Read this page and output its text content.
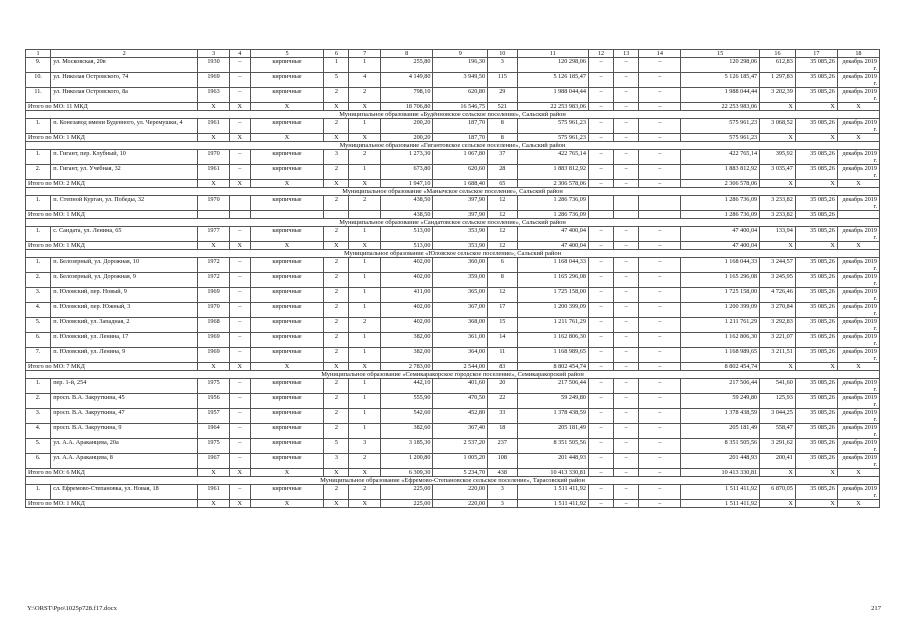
1	2	3	4	5	6	7	8	9	10	11	12	13	14	15	16	17	18
9.	ул. Московская, 20в	1930	–	кирпичные	1	1	255,80	196,30	3	120 298,06	–	–	–	120 298,06	612,83	35 085,26	декабрь 2019 г.
10.	ул. Николая Островского, 74	1969	–	кирпичные	5	4	4 149,80	3 949,50	115	5 126 185,47	–	–	–	5 126 185,47	1 297,83	35 085,26	декабрь 2019 г.
11.	ул. Николая Островского, 8а	1963	–	кирпичные	2	2	798,10	620,80	29	1 988 044,44	–	–	–	1 988 044,44	3 202,39	35 085,26	декабрь 2019 г.
Итого по МО: 11 МКД		X	X	X	X	X	18 706,80	16 546,75	521	22 253 983,06	–	–	–	22 253 983,06	X	X	X
Муниципальное образование «Будённовское сельское поселение», Сальский район																	
1.	п. Конезавод имени Буденного, ул. Черемушки, 4	1961	–	кирпичные	2	1	200,20	187,70	8	575 961,23	–	–	–	575 961,23	3 068,52	35 085,26	декабрь 2019 г.
Итого по МО: 1 МКД		X	X	X	X	X	200,20	187,70	8	575 961,23	–	–	–	575 961,23	X	X	X
Муниципальное образование «Гигантовское сельское поселение», Сальский район																	
1.	п. Гигант, пер. Клубный, 10	1970	–	кирпичные	3	2	1 273,30	1 067,80	37	422 765,14	–	–	–	422 765,14	395,92	35 085,26	декабрь 2019 г.
2.	п. Гигант, ул. Учебная, 32	1961	–	кирпичные	2	1	673,80	620,60	28	1 883 812,92	–	–	–	1 883 812,92	3 035,47	35 085,26	декабрь 2019 г.
Итого по МО: 2 МКД		X	X	X	X	X	1 947,10	1 688,40	65	2 306 578,06	–	–	–	2 306 578,06	X	X	X
Муниципальное образование «Манычское сельское поселение», Сальский район																	
1.	п. Степной Курган, ул. Победы, 32	1970		кирпичные	2	2	438,50	397,90	12	1 286 736,09				1 286 736,09	3 233,82	35 085,26	декабрь 2019 г.
Итого по МО: 1 МКД							438,50	397,90	12	1 286 736,09				1 286 736,09	3 233,82	35 085,26	
Муниципальное образование «Сандатовское сельское поселение», Сальский район																	
1.	с. Сандата, ул. Ленина, 65	1977	–	кирпичные	2	1	513,00	353,90	12	47 400,04	–	–	–	47 400,04	133,94	35 085,26	декабрь 2019 г.
Итого по МО: 1 МКД		X	X	X	X	X	513,00	353,90	12	47 400,04	–	–	–	47 400,04	X	X	X
Муниципальное образование «Юловское сельское поселение», Сальский район																	
1.	п. Белозерный, ул. Дорожная, 10	1972	–	кирпичные	2	1	402,00	360,00	6	1 168 044,33	–	–	–	1 168 044,33	3 244,57	35 085,26	декабрь 2019 г.
2.	п. Белозерный, ул. Дорожная, 9	1972	–	кирпичные	2	1	402,00	359,00	8	1 165 296,08	–	–	–	1 165 296,08	3 245,95	35 085,26	декабрь 2019 г.
3.	п. Юловский, пер. Новый, 9	1969	–	кирпичные	2	1	411,00	365,00	12	1 725 158,00	–	–	–	1 725 158,00	4 726,46	35 085,26	декабрь 2019 г.
4.	п. Юловский, пер. Южный, 3	1970	–	кирпичные	2	1	402,00	367,00	17	1 200 399,09	–	–	–	1 200 399,09	3 270,84	35 085,26	декабрь 2019 г.
5.	п. Юловский, ул. Западная, 2	1968	–	кирпичные	2	2	402,00	368,00	15	1 211 761,29	–	–	–	1 211 761,29	3 292,83	35 085,26	декабрь 2019 г.
6.	п. Юловский, ул. Ленина, 17	1969	–	кирпичные	2	1	382,00	361,00	14	1 162 806,30	–	–	–	1 162 806,30	3 221,07	35 085,26	декабрь 2019 г.
7.	п. Юловский, ул. Ленина, 9	1969	–	кирпичные	2	1	382,00	364,00	11	1 168 989,65	–	–	–	1 168 989,65	3 211,51	35 085,26	декабрь 2019 г.
Итого по МО: 7 МКД		X	X	X	X	X	2 783,00	2 544,00	83	8 802 454,74	–	–	–	8 802 454,74	X	X	X
Муниципальное образование «Семикаракорское городское поселение», Семикаракорский район																	
1.	пер. 1-й, 254	1975	–	кирпичные	2	1	442,10	401,60	20	217 506,44	–	–	–	217 506,44	541,60	35 085,26	декабрь 2019 г.
2.	просп. В.А. Закруткина, 45	1956	–	кирпичные	2	1	555,90	470,50	22	59 249,80	–	–	–	59 249,80	125,93	35 085,26	декабрь 2019 г.
3.	просп. В.А. Закруткина, 47	1957	–	кирпичные	2	1	542,60	452,80	33	1 378 438,59	–	–	–	1 378 438,59	3 044,25	35 085,26	декабрь 2019 г.
4.	просп. В.А. Закруткина, 9	1964	–	кирпичные	2	1	382,60	367,40	18	205 181,49	–	–	–	205 181,49	558,47	35 085,26	декабрь 2019 г.
5.	ул. А.А. Араканцева, 20а	1975	–	кирпичные	5	3	3 185,30	2 537,20	237	8 351 505,56	–	–	–	8 351 505,56	3 291,62	35 085,26	декабрь 2019 г.
6.	ул. А.А. Араканцева, 8	1967	–	кирпичные	3	2	1 200,80	1 005,20	108	201 448,93	–	–	–	201 448,93	200,41	35 085,26	декабрь 2019 г.
Итого по МО: 6 МКД		X	X	X	X	X	6 309,30	5 234,70	438	10 413 330,81	–	–	–	10 413 330,81	X	X	X
Муниципальное образование «Ефремово-Степановское сельское поселение», Тарасовский район																	
1.	сл. Ефремово-Степановка, ул. Новая, 18	1961	–	кирпичные	2	2	225,00	220,00	3	1 511 411,92	–	–	–	1 511 411,92	6 870,05	35 085,26	декабрь 2019 г.
Итого по МО: 1 МКД		X	X	X	X	X	225,00	220,00	3	1 511 411,92	–	–	–	1 511 411,92	X	X	X
Y:\ORST\Ppo\1025p728.f17.docx	217
